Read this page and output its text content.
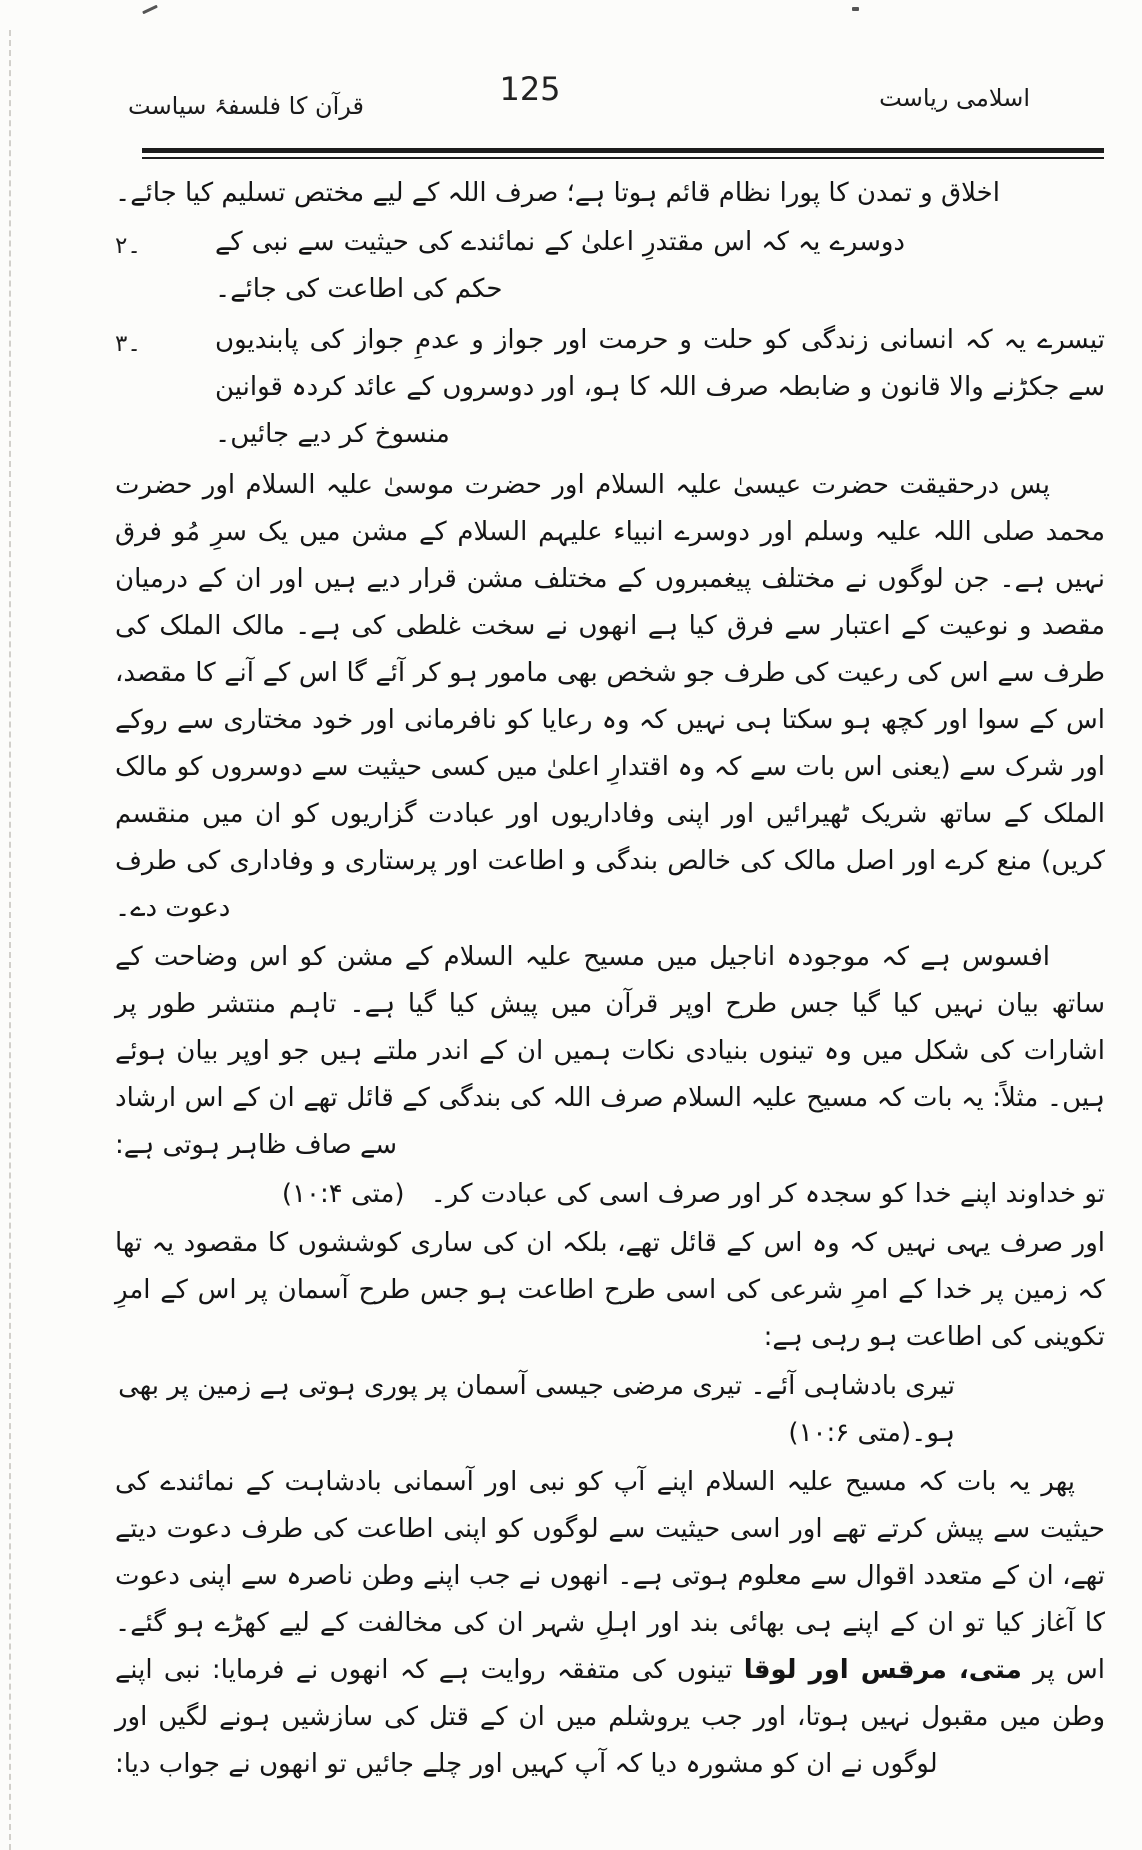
قرآن کا فلسفۂ سیاست	125	اسلامی ریاست

اخلاق و تمدن کا پورا نظام قائم ہوتا ہے؛ صرف اللہ کے لیے مختص تسلیم کیا جائے۔

۲۔	دوسرے یہ کہ اس مقتدرِ اعلیٰ کے نمائندے کی حیثیت سے نبی کے حکم کی اطاعت کی جائے۔
۳۔	تیسرے یہ کہ انسانی زندگی کو حلت و حرمت اور جواز و عدمِ جواز کی پابندیوں سے جکڑنے والا قانون و ضابطہ صرف اللہ کا ہو، اور دوسروں کے عائد کردہ قوانین منسوخ کر دیے جائیں۔

پس درحقیقت حضرت عیسیٰ علیہ السلام اور حضرت موسیٰ علیہ السلام اور حضرت محمد صلی اللہ علیہ وسلم اور دوسرے انبیاء علیہم السلام کے مشن میں یک سرِ مُو فرق نہیں ہے۔ جن لوگوں نے مختلف پیغمبروں کے مختلف مشن قرار دیے ہیں اور ان کے درمیان مقصد و نوعیت کے اعتبار سے فرق کیا ہے انھوں نے سخت غلطی کی ہے۔ مالک الملک کی طرف سے اس کی رعیت کی طرف جو شخص بھی مامور ہو کر آئے گا اس کے آنے کا مقصد، اس کے سوا اور کچھ ہو سکتا ہی نہیں کہ وہ رعایا کو نافرمانی اور خود مختاری سے روکے اور شرک سے (یعنی اس بات سے کہ وہ اقتدارِ اعلیٰ میں کسی حیثیت سے دوسروں کو مالک الملک کے ساتھ شریک ٹھیرائیں اور اپنی وفاداریوں اور عبادت گزاریوں کو ان میں منقسم کریں) منع کرے اور اصل مالک کی خالص بندگی و اطاعت اور پرستاری و وفاداری کی طرف دعوت دے۔

افسوس ہے کہ موجودہ اناجیل میں مسیح علیہ السلام کے مشن کو اس وضاحت کے ساتھ بیان نہیں کیا گیا جس طرح اوپر قرآن میں پیش کیا گیا ہے۔ تاہم منتشر طور پر اشارات کی شکل میں وہ تینوں بنیادی نکات ہمیں ان کے اندر ملتے ہیں جو اوپر بیان ہوئے ہیں۔ مثلاً: یہ بات کہ مسیح علیہ السلام صرف اللہ کی بندگی کے قائل تھے ان کے اس ارشاد سے صاف ظاہر ہوتی ہے:

تو خداوند اپنے خدا کو سجدہ کر اور صرف اسی کی عبادت کر۔ (متی ۱۰:۴)

اور صرف یہی نہیں کہ وہ اس کے قائل تھے، بلکہ ان کی ساری کوششوں کا مقصود یہ تھا کہ زمین پر خدا کے امرِ شرعی کی اسی طرح اطاعت ہو جس طرح آسمان پر اس کے امرِ تکوینی کی اطاعت ہو رہی ہے:

تیری بادشاہی آئے۔ تیری مرضی جیسی آسمان پر پوری ہوتی ہے زمین پر بھی ہو۔(متی ۱۰:۶)

پھر یہ بات کہ مسیح علیہ السلام اپنے آپ کو نبی اور آسمانی بادشاہت کے نمائندے کی حیثیت سے پیش کرتے تھے اور اسی حیثیت سے لوگوں کو اپنی اطاعت کی طرف دعوت دیتے تھے، ان کے متعدد اقوال سے معلوم ہوتی ہے۔ انھوں نے جب اپنے وطن ناصرہ سے اپنی دعوت کا آغاز کیا تو ان کے اپنے ہی بھائی بند اور اہلِ شہر ان کی مخالفت کے لیے کھڑے ہو گئے۔ اس پر متی، مرقس اور لوقا تینوں کی متفقہ روایت ہے کہ انھوں نے فرمایا: نبی اپنے وطن میں مقبول نہیں ہوتا، اور جب یروشلم میں ان کے قتل کی سازشیں ہونے لگیں اور لوگوں نے ان کو مشورہ دیا کہ آپ کہیں اور چلے جائیں تو انھوں نے جواب دیا:
